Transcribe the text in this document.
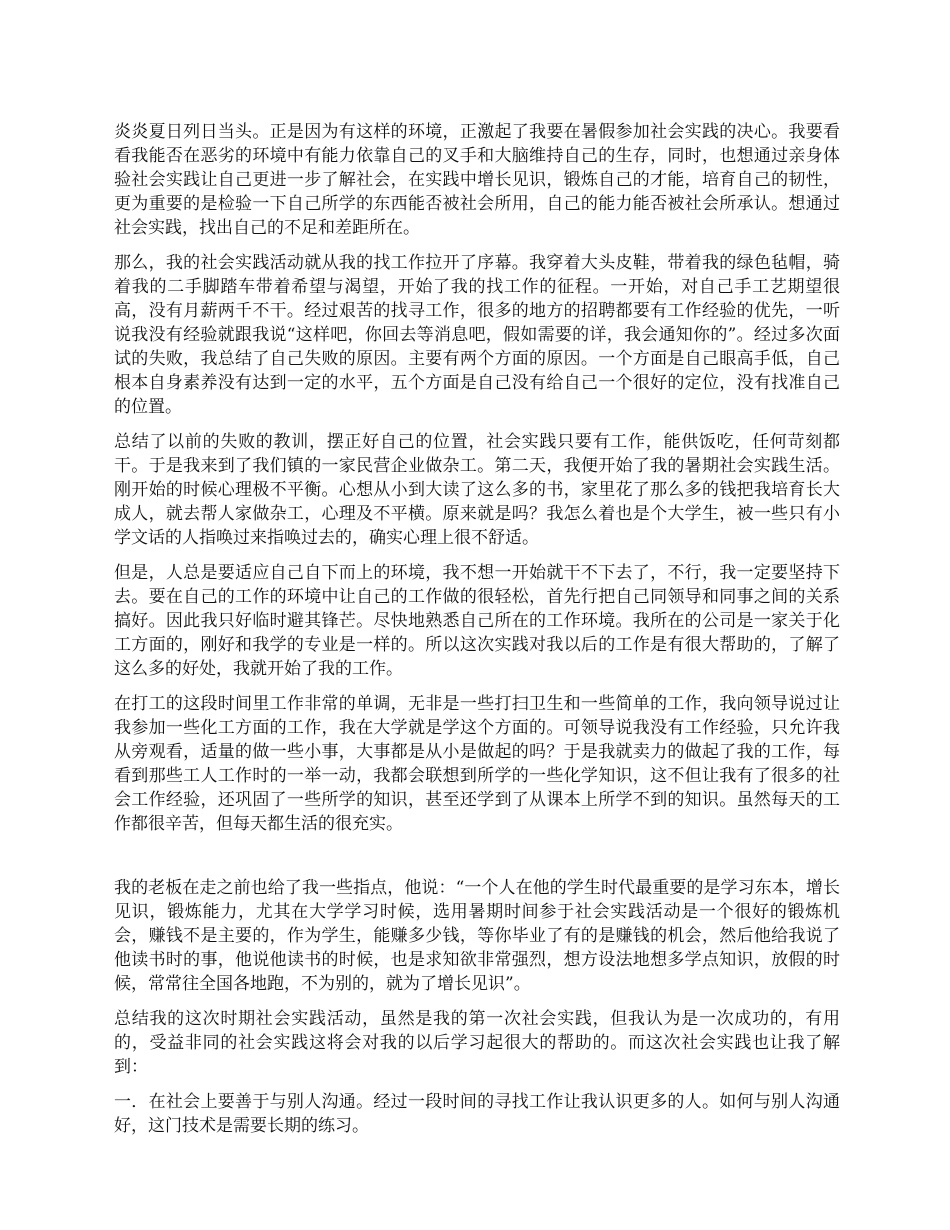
炎炎夏日列日当头。正是因为有这样的环境，正激起了我要在暑假参加社会实践的决心。我要看看我能否在恶劣的环境中有能力依靠自己的叉手和大脑维持自己的生存，同时，也想通过亲身体验社会实践让自己更进一步了解社会，在实践中增长见识，锻炼自己的才能，培育自己的韧性，更为重要的是检验一下自己所学的东西能否被社会所用，自己的能力能否被社会所承认。想通过社会实践，找出自己的不足和差距所在。

那么，我的社会实践活动就从我的找工作拉开了序幕。我穿着大头皮鞋，带着我的绿色毡帽，骑着我的二手脚踏车带着希望与渴望，开始了我的找工作的征程。一开始，对自己手工艺期望很高，没有月薪两千不干。经过艰苦的找寻工作，很多的地方的招聘都要有工作经验的优先，一听说我没有经验就跟我说“这样吧，你回去等消息吧，假如需要的详，我会通知你的”。经过多次面试的失败，我总结了自己失败的原因。主要有两个方面的原因。一个方面是自己眼高手低，自己根本自身素养没有达到一定的水平，五个方面是自己没有给自己一个很好的定位，没有找准自己的位置。

总结了以前的失败的教训，摆正好自己的位置，社会实践只要有工作，能供饭吃，任何苛刻都干。于是我来到了我们镇的一家民营企业做杂工。第二天，我便开始了我的暑期社会实践生活。刚开始的时候心理极不平衡。心想从小到大读了这么多的书，家里花了那么多的钱把我培育长大成人，就去帮人家做杂工，心理及不平横。原来就是吗？我怎么着也是个大学生，被一些只有小学文话的人指唤过来指唤过去的，确实心理上很不舒适。

但是，人总是要适应自己自下而上的环境，我不想一开始就干不下去了，不行，我一定要坚持下去。要在自己的工作的环境中让自己的工作做的很轻松，首先行把自己同领导和同事之间的关系搞好。因此我只好临时避其锋芒。尽快地熟悉自己所在的工作环境。我所在的公司是一家关于化工方面的，刚好和我学的专业是一样的。所以这次实践对我以后的工作是有很大帮助的，了解了这么多的好处，我就开始了我的工作。

在打工的这段时间里工作非常的单调，无非是一些打扫卫生和一些简单的工作，我向领导说过让我参加一些化工方面的工作，我在大学就是学这个方面的。可领导说我没有工作经验，只允许我从旁观看，适量的做一些小事，大事都是从小是做起的吗？于是我就卖力的做起了我的工作，每看到那些工人工作时的一举一动，我都会联想到所学的一些化学知识，这不但让我有了很多的社会工作经验，还巩固了一些所学的知识，甚至还学到了从课本上所学不到的知识。虽然每天的工作都很辛苦，但每天都生活的很充实。

我的老板在走之前也给了我一些指点，他说：“一个人在他的学生时代最重要的是学习东本，增长见识，锻炼能力，尤其在大学学习时候，选用暑期时间参于社会实践活动是一个很好的锻炼机会，赚钱不是主要的，作为学生，能赚多少钱，等你毕业了有的是赚钱的机会，然后他给我说了他读书时的事，他说他读书的时候，也是求知欲非常强烈，想方设法地想多学点知识，放假的时候，常常往全国各地跑，不为别的，就为了增长见识”。

总结我的这次时期社会实践活动，虽然是我的第一次社会实践，但我认为是一次成功的，有用的，受益非同的社会实践这将会对我的以后学习起很大的帮助的。而这次社会实践也让我了解到：

一．在社会上要善于与别人沟通。经过一段时间的寻找工作让我认识更多的人。如何与别人沟通好，这门技术是需要长期的练习。
